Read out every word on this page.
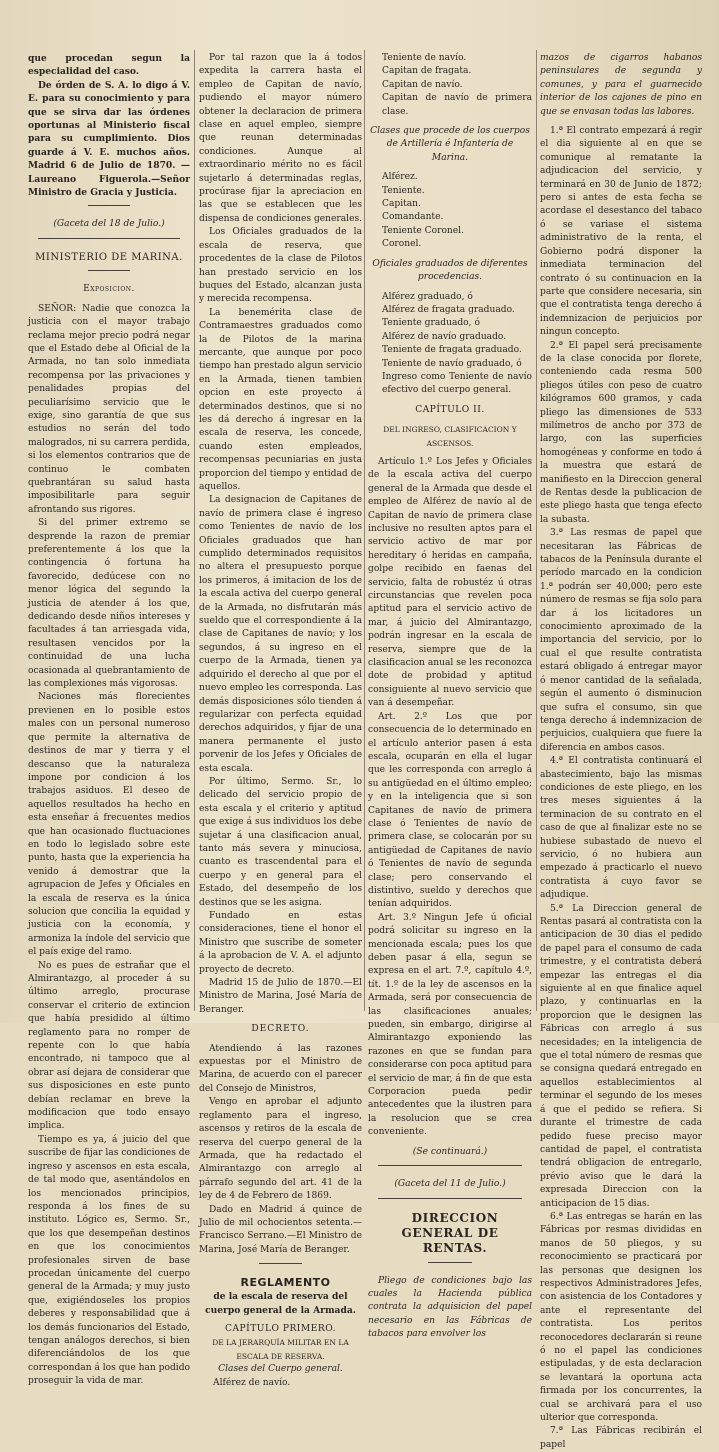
que procedan segun la especialidad del caso.

De órden de S. A. lo digo á V. E. para su conocimiento y para que se sirva dar las órdenes oportunas al Ministerio fiscal para su cumplimiento. Dios guarde á V. E. muchos años. Madrid 6 de Julio de 1870. —Laureano Figuerola.—Señor Ministro de Gracia y Justicia.

(Gaceta del 18 de Julio.)

MINISTERIO DE MARINA.

Exposicion.

SEÑOR: Nadie que conozca la justicia con el mayor trabajo reclama mejor precio podrá negar que el Estado debe al Oficial de la Armada, no tan solo inmediata recompensa por las privaciones y penalidades propias del peculiarísimo servicio que le exige, sino garantía de que sus estudios no serán del todo malogrados, ni su carrera perdida, si los elementos contrarios que de continuo le combaten quebrantáran su salud hasta imposibilitarle para seguir afrontando sus rigores.

Si del primer extremo se desprende la razon de premiar preferentemente á los que la contingencia ó fortuna ha favorecido, dedúcese con no menor lógica del segundo la justicia de atender á los que, dedicando desde niños intereses y facultades á tan arriesgada vida, resultasen vencidos por la continuidad de una lucha ocasionada al quebrantamiento de las complexiones más vigorosas.

Naciones más florecientes previenen en lo posible estos males con un personal numeroso que permite la alternativa de destinos de mar y tierra y el descanso que la naturaleza impone por condicion á los trabajos asiduos. El deseo de aquellos resultados ha hecho en esta enseñar á frecuentes medios que han ocasionado fluctuaciones en todo lo legislado sobre este punto, hasta que la experiencia ha venido á demostrar que la agrupacion de Jefes y Oficiales en la escala de reserva es la única solucion que concilia la equidad y justicia con la economía, y armoniza la índole del servicio que el país exige del ramo.

No es pues de estrañar que el Almirantazgo, al proceder á su último arreglo, procurase conservar el criterio de extincion que había presidido al último reglamento para no romper de repente con lo que había encontrado, ni tampoco que al obrar así dejara de considerar que sus disposiciones en este punto debían reclamar en breve la modificacion que todo ensayo implica.

Tiempo es ya, á juicio del que suscribe de fijar las condiciones de ingreso y ascensos en esta escala, de tal modo que, asentándolos en los mencionados principios, responda á los fines de su instituto. Lógico es, Sermo. Sr., que los que desempeñan destinos en que los conocimientos profesionales sirven de base procedan únicamente del cuerpo general de la Armada; y muy justo que, exigiéndoseles los propios deberes y responsabilidad que á los demás funcionarios del Estado, tengan análogos derechos, si bien diferenciándolos de los que correspondan á los que han podido proseguir la vida de mar.

Por tal razon que la á todos expedita la carrera hasta el empleo de Capitan de navío, pudiendo el mayor número obtener la declaracion de primera clase en aquel empleo, siempre que reunan determinadas condiciones. Aunque al extraordinario mérito no es fácil sujetarlo á determinadas reglas, procúrase fijar la apreciacion en las que se establecen que les dispensa de condiciones generales.

Los Oficiales graduados de la escala de reserva, que procedentes de la clase de Pilotos han prestado servicio en los buques del Estado, alcanzan justa y merecida recompensa.

La benemérita clase de Contramaestres graduados como la de Pilotos de la marina mercante, que aunque por poco tiempo han prestado algun servicio en la Armada, tienen tambien opcion en este proyecto á determinados destinos, que si no les dá derecho á ingresar en la escala de reserva, les concede, cuando esten empleados, recompensas pecuniarias en justa proporcion del tiempo y entidad de aquellos.

La designacion de Capitanes de navío de primera clase é ingreso como Tenientes de navío de los Oficiales graduados que han cumplido determinados requisitos no altera el presupuesto porque los primeros, á imitacion de los de la escala activa del cuerpo general de la Armada, no disfrutarán más sueldo que el correspondiente á la clase de Capitanes de navío; y los segundos, á su ingreso en el cuerpo de la Armada, tienen ya adquirido el derecho al que por el nuevo empleo les corresponda. Las demás disposiciones sólo tienden á regularizar con perfecta equidad derechos adquiridos, y fijar de una manera permanente el justo porvenir de los Jefes y Oficiales de esta escala.

Por último, Sermo. Sr., lo delicado del servicio propio de esta escala y el criterio y aptitud que exige á sus individuos los debe sujetar á una clasificacion anual, tanto más severa y minuciosa, cuanto es trascendental para el cuerpo y en general para el Estado, del desempeño de los destinos que se les asigna.

Fundado en estas consideraciones, tiene el honor el Ministro que suscribe de someter á la aprobacion de V. A. el adjunto proyecto de decreto.

Madrid 15 de Julio de 1870.—El Ministro de Marina, José María de Beranger.

DECRETO.

Atendiendo á las razones expuestas por el Ministro de Marina, de acuerdo con el parecer del Consejo de Ministros,

Vengo en aprobar el adjunto reglamento para el ingreso, ascensos y retiros de la escala de reserva del cuerpo general de la Armada, que ha redactado el Almirantazgo con arreglo al párrafo segundo del art. 41 de la ley de 4 de Febrero de 1869.

Dado en Madrid á quince de Julio de mil ochocientos setenta.—Francisco Serrano.—El Ministro de Marina, José María de Beranger.

REGLAMENTO

de la escala de reserva del

cuerpo general de la Armada.

CAPÍTULO PRIMERO.

DE LA JERARQUÍA MILITAR EN LA ESCALA DE RESERVA.

Clases del Cuerpo general.

Alférez de navío.

Teniente de navío.

Capitan de fragata.

Capitan de navío.

Capitan de navío de primera clase.

Clases que procede de los cuerpos de Artillería é Infantería de Marina.

Alférez.

Teniente.

Capitan.

Comandante.

Teniente Coronel.

Coronel.

Oficiales graduados de diferentes procedencias.

Alférez graduado, ó

Alférez de fragata graduado.

Teniente graduado, ó

Alférez de navío graduado.

Teniente de fragata graduado.

Teniente de navío graduado, ó

Ingreso como Teniente de navío efectivo del cuerpo general.

CAPÍTULO II.

DEL INGRESO, CLASIFICACION Y ASCENSOS.

Artículo 1.º Los Jefes y Oficiales de la escala activa del cuerpo general de la Armada que desde el empleo de Alférez de navío al de Capitan de navío de primera clase inclusive no resulten aptos para el servicio activo de mar por hereditary ó heridas en campaña, golpe recibido en faenas del servicio, falta de robustéz ú otras circunstancias que revelen poca aptitud para el servicio activo de mar, á juicio del Almirantazgo, podrán ingresar en la escala de reserva, siempre que de la clasificacion anual se les reconozca dote de probidad y aptitud consiguiente al nuevo servicio que van á desempeñar.

Art. 2.º Los que por consecuencia de lo determinado en el artículo anterior pasen á esta escala, ocuparán en ella el lugar que les corresponda con arreglo á su antigüedad en el último empleo; y en la inteligencia que si son Capitanes de navío de primera clase ó Tenientes de navío de primera clase, se colocarán por su antigüedad de Capitanes de navío ó Tenientes de navío de segunda clase; pero conservando el distintivo, sueldo y derechos que tenían adquiridos.

Art. 3.º Ningun Jefe ú oficial podrá solicitar su ingreso en la mencionada escala; pues los que deben pasar á ella, segun se expresa en el art. 7.º, capítulo 4.º, tít. 1.º de la ley de ascensos en la Armada, será por consecuencia de las clasificaciones anuales; pueden, sin embargo, dirigirse al Almirantazgo exponiendo las razones en que se fundan para considerarse con poca aptitud para el servicio de mar, á fin de que esta Corporacion pueda pedir antecedentes que la ilustren para la resolucion que se crea conveniente.

(Se continuará.)

(Gaceta del 11 de Julio.)

DIRECCION GENERAL DE

RENTAS.

Pliego de condiciones bajo las cuales la Hacienda pública contrata la adquisicion del papel necesario en las Fábricas de tabacos para envolver los

mazos de cigarros habanos peninsulares de segunda y comunes, y para el guarnecido interior de los cajones de pino en que se envasan todas las labores.

1.ª El contrato empezará á regir el dia siguiente al en que se comunique al rematante la adjudicacion del servicio, y terminará en 30 de Junio de 1872; pero si antes de esta fecha se acordase el desestanco del tabaco ó se variase el sistema administrativo de la renta, el Gobierno podrá disponer la inmediata terminacion del contrato ó su continuacion en la parte que considere necesaria, sin que el contratista tenga derecho á indemnizacion de perjuicios por ningun concepto.

2.ª El papel será precisamente de la clase conocida por florete, conteniendo cada resma 500 pliegos útiles con peso de cuatro kilógramos 600 gramos, y cada pliego las dimensiones de 533 milímetros de ancho por 373 de largo, con las superficies homogéneas y conforme en todo á la muestra que estará de manifiesto en la Direccion general de Rentas desde la publicacion de este pliego hasta que tenga efecto la subasta.

3.ª Las resmas de papel que necesitaran las Fábricas de tabacos de la Península durante el período marcado en la condicion 1.ª podrán ser 40,000; pero este número de resmas se fija solo para dar á los licitadores un conocimiento aproximado de la importancia del servicio, por lo cual el que resulte contratista estará obligado á entregar mayor ó menor cantidad de la señalada, según el aumento ó disminucion que sufra el consumo, sin que tenga derecho á indemnizacion de perjuicios, cualquiera que fuere la diferencia en ambos casos.

4.ª El contratista continuará el abastecimiento, bajo las mismas condiciones de este pliego, en los tres meses siguientes á la terminacion de su contrato en el caso de que al finalizar este no se hubiese subastado de nuevo el servicio, ó no hubiera aun empezado á practicarlo el nuevo contratista á cuyo favor se adjudique.

5.ª La Direccion general de Rentas pasará al contratista con la anticipacion de 30 dias el pedido de papel para el consumo de cada trimestre, y el contratista deberá empezar las entregas el dia siguiente al en que finalice aquel plazo, y continuarlas en la proporcion que le designen las Fábricas con arreglo á sus necesidades; en la inteligencia de que el total número de resmas que se consigna quedará entregado en aquellos establecimientos al terminar el segundo de los meses á que el pedido se refiera. Si durante el trimestre de cada pedido fuese preciso mayor cantidad de papel, el contratista tendrá obligacion de entregarlo, prévio aviso que le dará la expresada Direccion con la anticipacion de 15 dias.

6.ª Las entregas se harán en las Fábricas por resmas divididas en manos de 50 pliegos, y su reconocimiento se practicará por las personas que designen los respectivos Administradores Jefes, con asistencia de los Contadores y ante el representante del contratista. Los peritos reconocedores declararán si reune ó no el papel las condiciones estipuladas, y de esta declaracion se levantará la oportuna acta firmada por los concurrentes, la cual se archivará para el uso ulterior que corresponda.

7.ª Las Fábricas recibirán el papel
